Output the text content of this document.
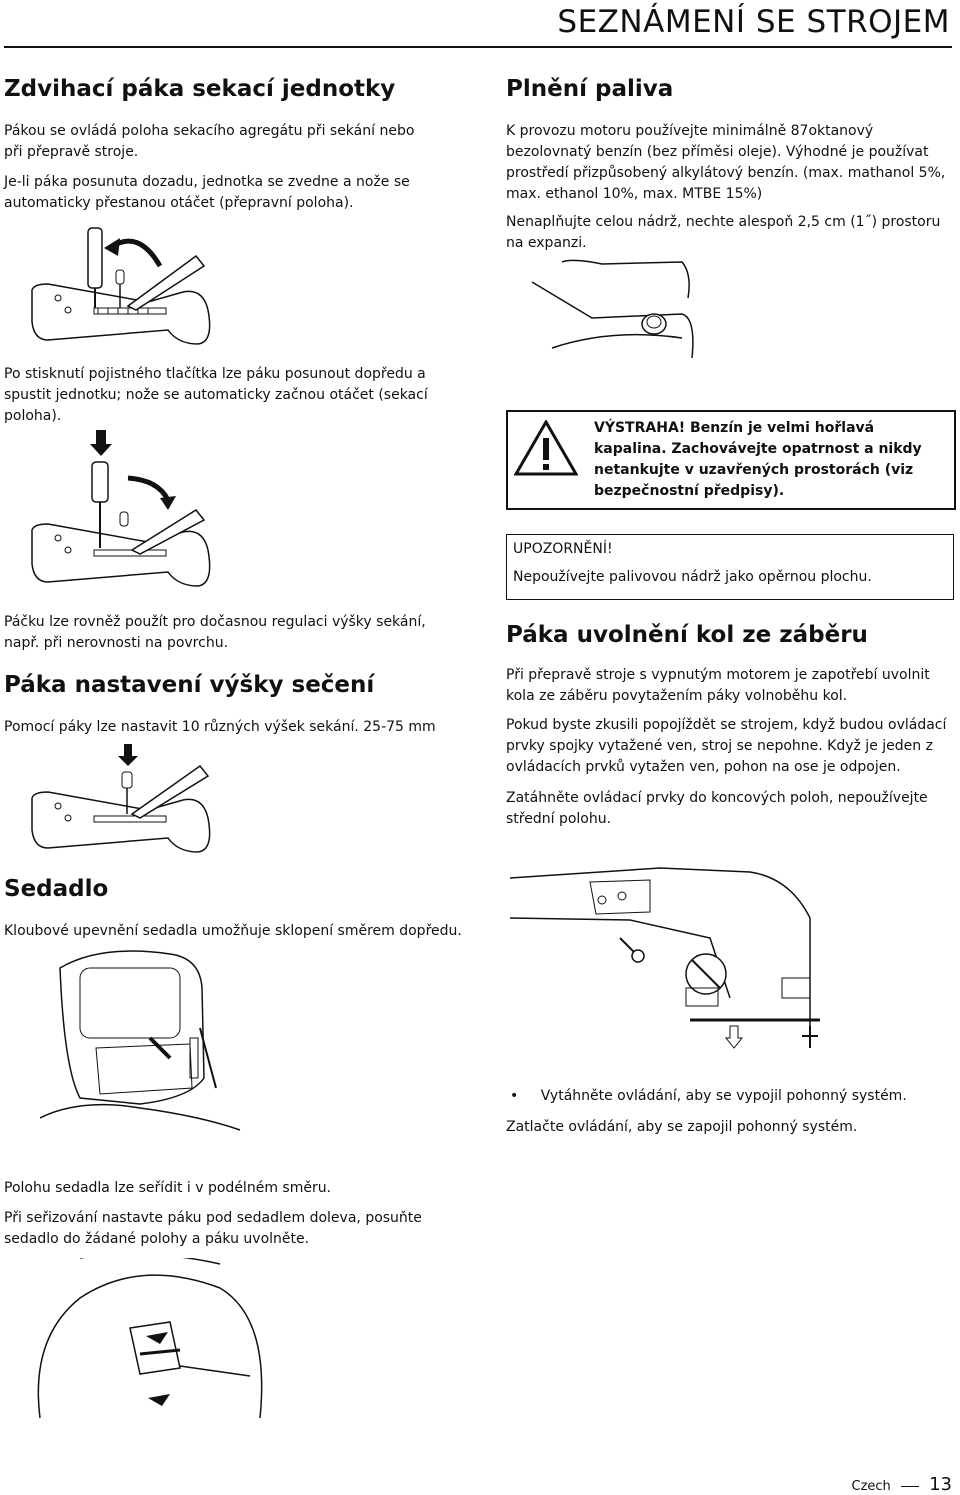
SEZNÁMENÍ SE STROJEM
Zdvihací páka sekací jednotky

Pákou se ovládá poloha sekacího agregátu při sekání nebo při přepravě stroje.

Je-li páka posunuta dozadu, jednotka se zvedne a nože se automaticky přestanou otáčet (přepravní poloha).

Po stisknutí pojistného tlačítka lze páku posunout dopředu a spustit jednotku; nože se automaticky začnou otáčet (sekací poloha).

Páčku lze rovněž použít pro dočasnou regulaci výšky sekání, např. při nerovnosti na povrchu.

Páka nastavení výšky sečení

Pomocí páky lze nastavit 10 různých výšek sekání. 25-75 mm

Sedadlo

Kloubové upevnění sedadla umožňuje sklopení směrem dopředu.

Polohu sedadla lze seřídit i v podélném směru.

Při seřizování nastavte páku pod sedadlem doleva, posuňte sedadlo do žádané polohy a páku uvolněte.

Plnění paliva

K provozu motoru používejte minimálně 87oktanový bezolovnatý benzín (bez příměsi oleje). Výhodné je používat prostředí přizpůsobený alkylátový benzín. (max. mathanol 5%, max. ethanol 10%, max. MTBE 15%)

Nenaplňujte celou nádrž, nechte alespoň 2,5 cm (1˝) prostoru na expanzi.

VÝSTRAHA! Benzín je velmi hořlavá kapalina. Zachovávejte opatrnost a nikdy netankujte v uzavřených prostorách (viz bezpečnostní předpisy).
UPOZORNĚNÍ!
Nepoužívejte palivovou nádrž jako opěrnou plochu.
Páka uvolnění kol ze záběru

Při přepravě stroje s vypnutým motorem je zapotřebí uvolnit kola ze záběru povytažením páky volnoběhu kol.

Pokud byste zkusili popojíždět se strojem, když budou ovládací prvky spojky vytažené ven, stroj se nepohne. Když je jeden z ovládacích prvků vytažen ven, pohon na ose je odpojen.

Zatáhněte ovládací prvky do koncových poloh, nepoužívejte střední polohu.

• Vytáhněte ovládání, aby se vypojil pohonný systém.

Zatlačte ovládání, aby se zapojil pohonný systém.

Czech 13
